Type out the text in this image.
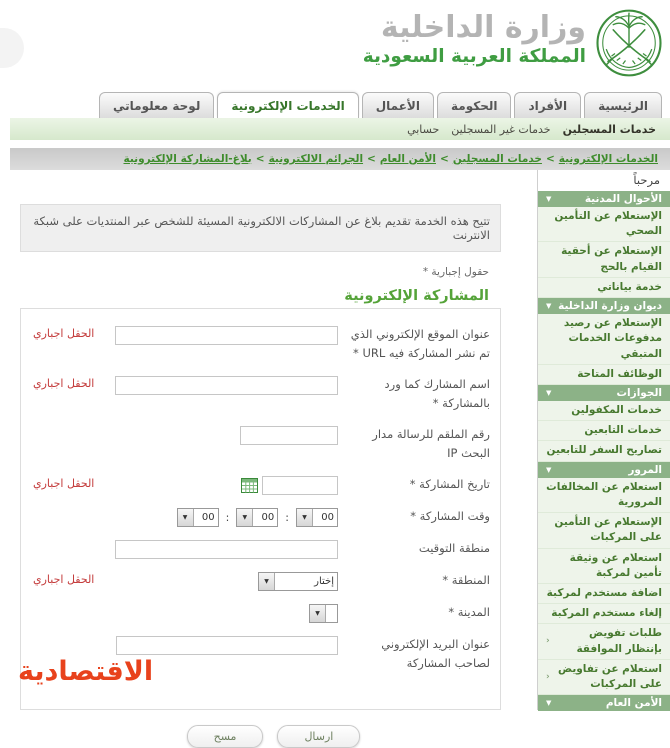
وزارة الداخلية
المملكة العربية السعودية
الرئيسية
الأفراد
الحكومة
الأعمال
الخدمات الإلكترونية
لوحة معلوماتي
خدمات المسجلين
خدمات غير المسجلين
حسابي
الخدمات الإلكترونية
>
خدمات المسجلين
>
الأمن العام
>
الجرائم الالكترونية
>
بلاغ-المشاركة الإلكترونية
مرحباً
الأحوال المدنية
▼
الإستعلام عن التأمين الصحي
الإستعلام عن أحقية القيام بالحج
خدمة بياناتي
ديوان وزارة الداخلية
▼
الإستعلام عن رصيد مدفوعات الخدمات المتبقي
الوظائف المتاحة
الجوازات
▼
خدمات المكفولين
خدمات التابعين
تصاريح السفر للتابعين
المرور
▼
استعلام عن المخالفات المرورية
الإستعلام عن التأمين على المركبات
استعلام عن وثيقة تأمين لمركبة
اضافة مستخدم لمركبة
إلغاء مستخدم المركبة
طلبات تفويض بإنتظار الموافقة
‹
استعلام عن تفاويض على المركبات
‹
الأمن العام
▼
تتيح هذه الخدمة تقديم بلاغ عن المشاركات الالكترونية المسيئة للشخص عبر المنتديات على شبكة الانترنت
حقول إجبارية *
المشاركة الإلكترونية
عنوان الموقع الإلكتروني الذي تم نشر المشاركة فيه URL *
الحقل اجباري
اسم المشارك كما ورد بالمشاركة *
الحقل اجباري
رقم الملقم للرسالة مدار البحث IP
تاريخ المشاركة *
الحقل اجباري
وقت المشاركة *
00
▼
:
00
▼
:
00
▼
منطقة التوقيت
المنطقة *
إختار
▼
الحقل اجباري
المدينة *

▼
عنوان البريد الإلكتروني لصاحب المشاركة
ارسال
مسح
الاقتصادية
